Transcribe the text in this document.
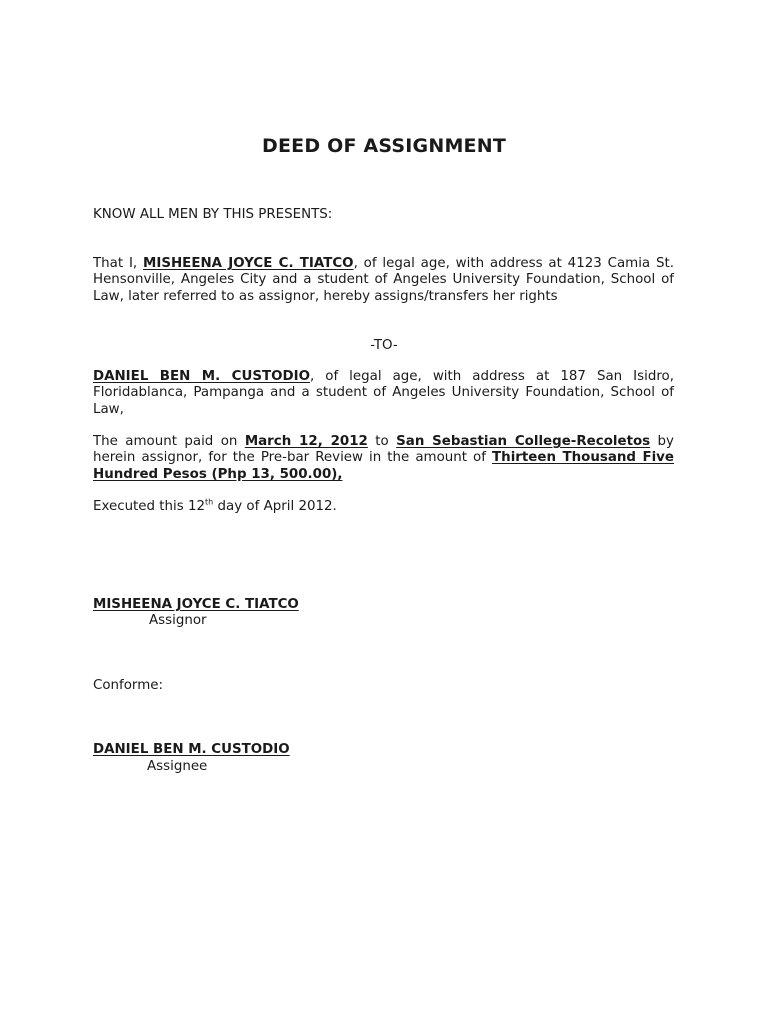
DEED OF ASSIGNMENT
KNOW ALL MEN BY THIS PRESENTS:
That I, MISHEENA JOYCE C. TIATCO, of legal age, with address at 4123 Camia St. Hensonville, Angeles City and a student of Angeles University Foundation, School of Law, later referred to as assignor, hereby assigns/transfers her rights
-TO-
DANIEL BEN M. CUSTODIO, of legal age, with address at 187 San Isidro, Floridablanca, Pampanga and a student of Angeles University Foundation, School of Law,
The amount paid on March 12, 2012 to San Sebastian College-Recoletos by herein assignor, for the Pre-bar Review in the amount of Thirteen Thousand Five Hundred Pesos (Php 13, 500.00),
Executed this 12th day of April 2012.
MISHEENA JOYCE C. TIATCO
Assignor
Conforme:
DANIEL BEN M. CUSTODIO
Assignee
